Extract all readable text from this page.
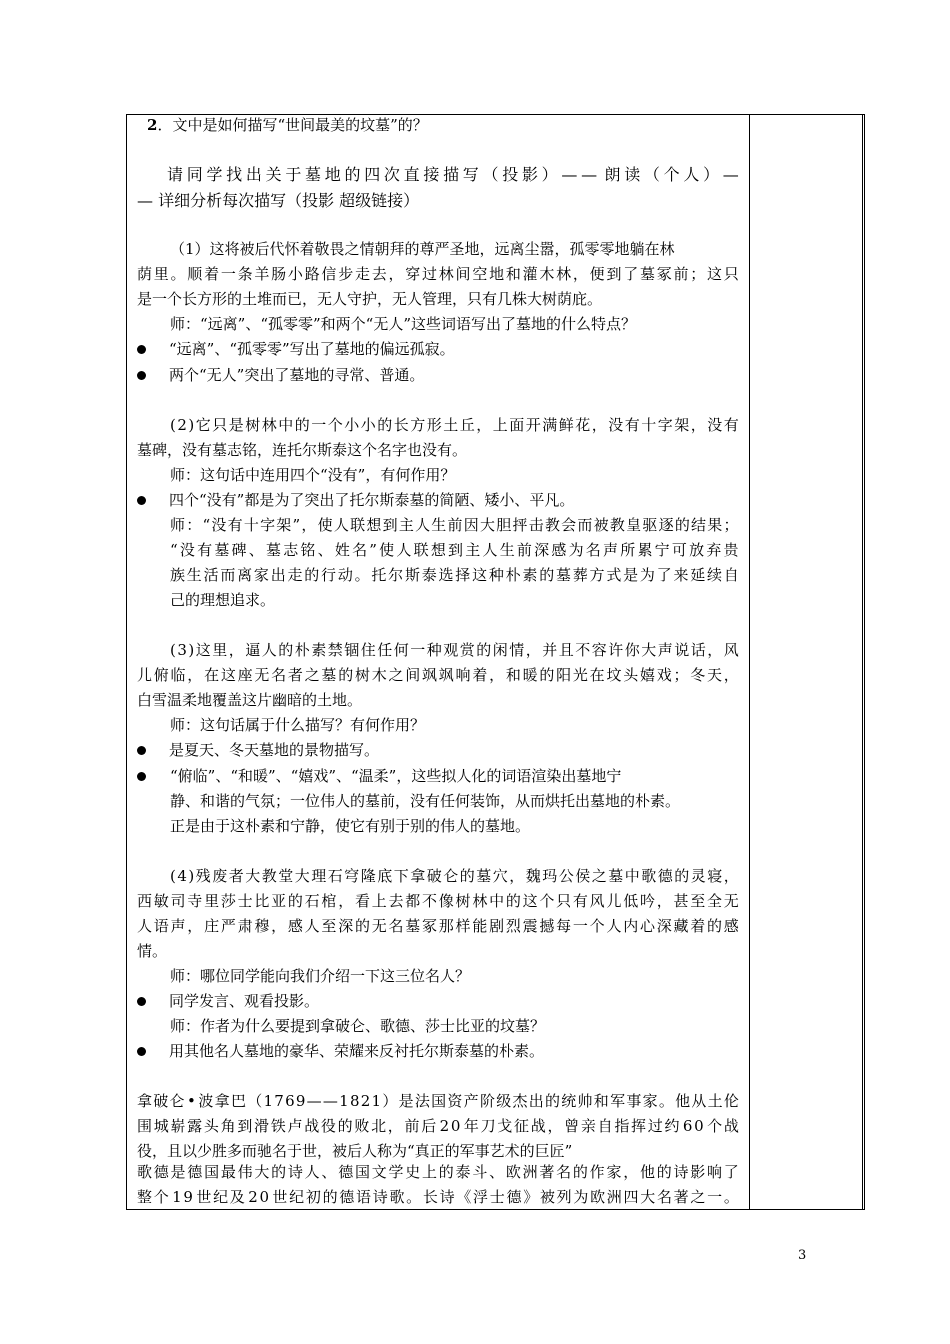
2．文中是如何描写“世间最美的坟墓”的？
请 同 学 找 出 关 于 墓 地 的 四 次 直 接 描 写 （ 投 影 ） — — 朗 读 （ 个 人 ） —
— 详细分析每次描写（投影 超级链接）
（1）这将被后代怀着敬畏之情朝拜的尊严圣地，远离尘嚣，孤零零地躺在林
荫 里 。 顺 着 一 条 羊 肠 小 路 信 步 走 去 ， 穿 过 林 间 空 地 和 灌 木 林 ， 便 到 了 墓 冢 前 ； 这 只
是一个长方形的土堆而已，无人守护，无人管理，只有几株大树荫庇。
师：“远离”、“孤零零”和两个“无人”这些词语写出了墓地的什么特点？
“远离”、“孤零零”写出了墓地的偏远孤寂。
两个“无人”突出了墓地的寻常、普通。
( 2 ) 它 只 是 树 林 中 的 一 个 小 小 的 长 方 形 土 丘 ， 上 面 开 满 鲜 花 ， 没 有 十 字 架 ， 没 有
墓碑，没有墓志铭，连托尔斯泰这个名字也没有。
师：这句话中连用四个“没有”，有何作用？
四个“没有”都是为了突出了托尔斯泰墓的简陋、矮小、平凡。
师 ： “ 没 有 十 字 架 ” ， 使 人 联 想 到 主 人 生 前 因 大 胆 抨 击 教 会 而 被 教 皇 驱 逐 的 结 果 ；
“ 没 有 墓 碑 、 墓 志 铭 、 姓 名 ” 使 人 联 想 到 主 人 生 前 深 感 为 名 声 所 累 宁 可 放 弃 贵
族 生 活 而 离 家 出 走 的 行 动 。 托 尔 斯 泰 选 择 这 种 朴 素 的 墓 葬 方 式 是 为 了 来 延 续 自
己的理想追求。
( 3 ) 这 里 ， 逼 人 的 朴 素 禁 锢 住 任 何 一 种 观 赏 的 闲 情 ， 并 且 不 容 许 你 大 声 说 话 ， 风
儿 俯 临 ， 在 这 座 无 名 者 之 墓 的 树 木 之 间 飒 飒 响 着 ， 和 暖 的 阳 光 在 坟 头 嬉 戏 ； 冬 天 ，
白雪温柔地覆盖这片幽暗的土地。
师：这句话属于什么描写？有何作用？
是夏天、冬天墓地的景物描写。
“俯临”、“和暖”、“嬉戏”、“温柔”，这些拟人化的词语渲染出墓地宁
静、和谐的气氛；一位伟人的墓前，没有任何装饰，从而烘托出墓地的朴素。
正是由于这朴素和宁静，使它有别于别的伟人的墓地。
( 4 ) 残 废 者 大 教 堂 大 理 石 穹 隆 底 下 拿 破 仑 的 墓 穴 ， 魏 玛 公 侯 之 墓 中 歌 德 的 灵 寝 ，
西 敏 司 寺 里 莎 士 比 亚 的 石 棺 ， 看 上 去 都 不 像 树 林 中 的 这 个 只 有 风 儿 低 吟 ， 甚 至 全 无
人 语 声 ， 庄 严 肃 穆 ， 感 人 至 深 的 无 名 墓 冢 那 样 能 剧 烈 震 撼 每 一 个 人 内 心 深 藏 着 的 感
情。
师：哪位同学能向我们介绍一下这三位名人？
同学发言、观看投影。
师：作者为什么要提到拿破仑、歌德、莎士比亚的坟墓？
用其他名人墓地的豪华、荣耀来反衬托尔斯泰墓的朴素。
拿 破 仑 • 波 拿 巴 （ 1 7 6 9 — — 1 8 2 1 ） 是 法 国 资 产 阶 级 杰 出 的 统 帅 和 军 事 家 。 他 从 土 伦
围 城 崭 露 头 角 到 滑 铁 卢 战 役 的 败 北 ， 前 后 2 0 年 刀 戈 征 战 ， 曾 亲 自 指 挥 过 约 6 0 个 战
役，且以少胜多而驰名于世，被后人称为“真正的军事艺术的巨匠”
歌 德 是 德 国 最 伟 大 的 诗 人 、 德 国 文 学 史 上 的 泰 斗 、 欧 洲 著 名 的 作 家 ， 他 的 诗 影 响 了
整 个 1 9 世 纪 及 2 0 世 纪 初 的 德 语 诗 歌 。 长 诗 《 浮 士 德 》 被 列 为 欧 洲 四 大 名 著 之 一 。
3
